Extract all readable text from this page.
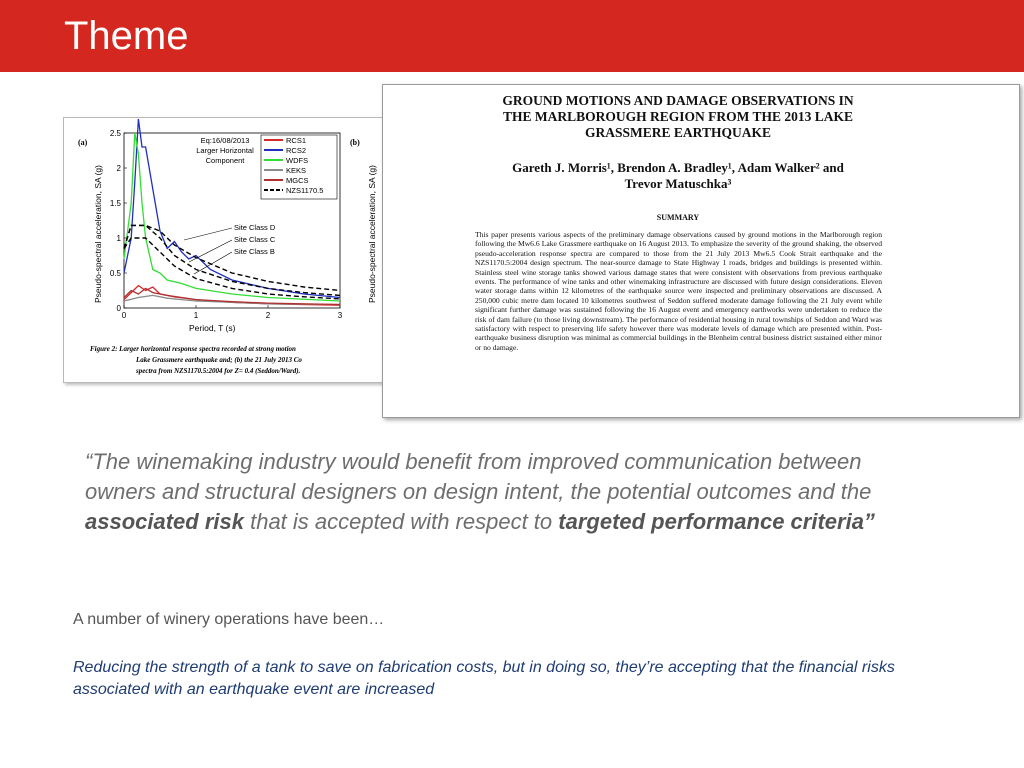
Theme
(a)	(b)
0
0.5
1
1.5
2
2.5
0	1	2	3
RCS1
RCS2
WDFS
KEKS
MGCS
NZS1170.5
Eq:16/08/2013
Larger Horizontal
Component
Site Class D
Site Class C
Site Class B
Period, T (s)
Pseudo-spectral acceleration, SA (g)	Pseudo-spectral acceleration, SA (g)
Figure 2: Larger horizontal response spectra recorded at strong motion
Lake Grassmere earthquake and; (b) the 21 July 2013 Co
spectra from NZS1170.5:2004 for Z= 0.4 (Seddon/Ward).
GROUND MOTIONS AND DAMAGE OBSERVATIONS IN
THE MARLBOROUGH REGION FROM THE 2013 LAKE
GRASSMERE EARTHQUAKE
Gareth J. Morris¹, Brendon A. Bradley¹, Adam Walker² and
Trevor Matuschka³
SUMMARY
This paper presents various aspects of the preliminary damage observations caused by ground motions in the Marlborough region following the Mw6.6 Lake Grassmere earthquake on 16 August 2013. To emphasize the severity of the ground shaking, the observed pseudo-acceleration response spectra are compared to those from the 21 July 2013 Mw6.5 Cook Strait earthquake and the NZS1170.5:2004 design spectrum. The near-source damage to State Highway 1 roads, bridges and buildings is presented within. Stainless steel wine storage tanks showed various damage states that were consistent with observations from previous earthquake events. The performance of wine tanks and other winemaking infrastructure are discussed with future design considerations. Eleven water storage dams within 12 kilometres of the earthquake source were inspected and preliminary observations are discussed. A 250,000 cubic metre dam located 10 kilometres southwest of Seddon suffered moderate damage following the 21 July event while significant further damage was sustained following the 16 August event and emergency earthworks were undertaken to reduce the risk of dam failure (to those living downstream). The performance of residential housing in rural townships of Seddon and Ward was satisfactory with respect to preserving life safety however there was moderate levels of damage which are presented within. Post-earthquake business disruption was minimal as commercial buildings in the Blenheim central business district sustained either minor or no damage.
“The winemaking industry would benefit from improved communication between owners and structural designers on design intent, the potential outcomes and the associated risk that is accepted with respect to targeted performance criteria”
A number of winery operations have been…
Reducing the strength of a tank to save on fabrication costs, but in doing so, they’re accepting that the financial risks associated with an earthquake event are increased
